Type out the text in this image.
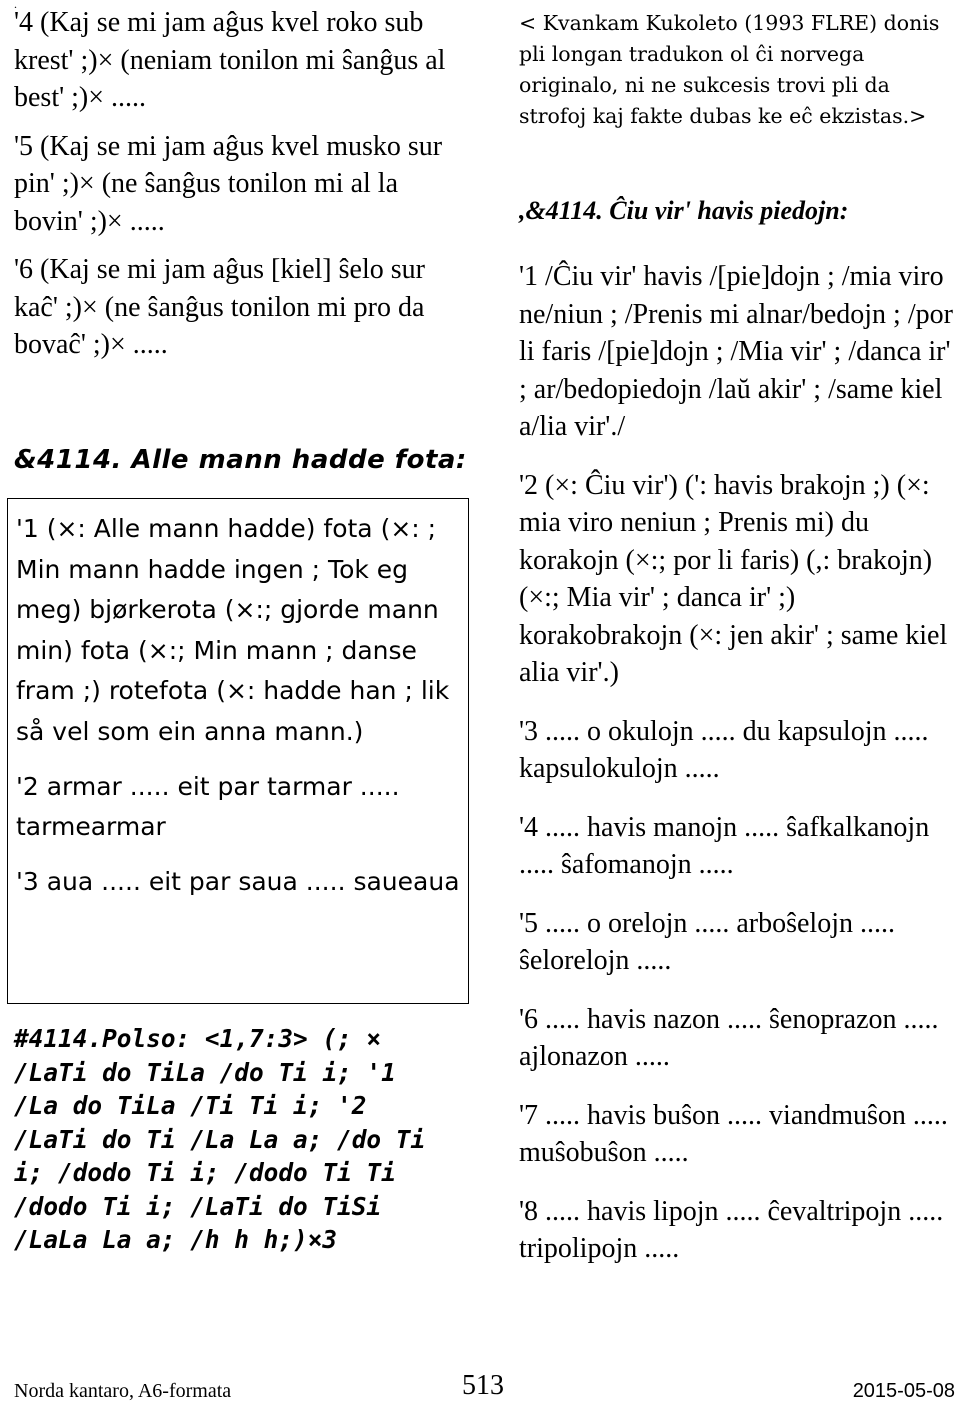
.

'4 (Kaj se mi jam aĝus kvel roko sub krest' ;)× (neniam tonilon mi ŝanĝus al best' ;)× .....

'5 (Kaj se mi jam aĝus kvel musko sur pin' ;)× (ne ŝanĝus tonilon mi al la bovin' ;)× .....

'6 (Kaj se mi jam aĝus [kiel] ŝelo sur kaĉ' ;)× (ne ŝanĝus tonilon mi pro da bovaĉ' ;)× .....

&4114. Alle mann hadde fota:

'1 (×: Alle mann hadde) fota (×: ; Min mann hadde ingen ; Tok eg meg) bjørkerota (×:; gjorde mann min) fota (×:; Min mann ; danse fram ;) rotefota (×: hadde han ; lik så vel som ein anna mann.)

'2 armar ..... eit par tarmar ..... tarmearmar

'3 aua ..... eit par saua ..... saueaua

#4114.Polso: <1,7:3> (; × /LaTi do TiLa /do Ti i; '1 /La do TiLa /Ti Ti i; '2 /LaTi do Ti /La La a; /do Ti i; /dodo Ti i; /dodo Ti Ti /dodo Ti i; /LaTi do TiSi /LaLa La a; /h h h;)×3

< Kvankam Kukoleto (1993 FLRE) donis pli longan tradukon ol ĉi norvega originalo, ni ne sukcesis trovi pli da strofoj kaj fakte dubas ke eĉ ekzistas.>

,&4114. Ĉiu vir' havis piedojn:

'1 /Ĉiu vir' havis /[pie]dojn ; /mia viro ne/niun ; /Prenis mi alnar/bedojn ; /por li faris /[pie]dojn ; /Mia vir' ; /danca ir' ; ar/bedopiedojn /laŭ akir' ; /same kiel a/lia vir'./

'2 (×: Ĉiu vir') (': havis brakojn ;) (×: mia viro neniun ; Prenis mi) du korakojn (×:; por li faris) (,: brakojn) (×:; Mia vir' ; danca ir' ;) korakobrakojn (×: jen akir' ; same kiel alia vir'.)

'3 ..... o okulojn ..... du kapsulojn ..... kapsulokulojn .....

'4 ..... havis manojn ..... ŝafkalkanojn ..... ŝafomanojn .....

'5 ..... o orelojn ..... arboŝelojn ..... ŝelorelojn .....

'6 ..... havis nazon ..... ŝenoprazon ..... ajlonazon .....

'7 ..... havis buŝon ..... viandmuŝon ..... muŝobuŝon .....

'8 ..... havis lipojn ..... ĉevaltripojn ..... tripolipojn .....

Norda kantaro, A6-formata	513	2015-05-08
